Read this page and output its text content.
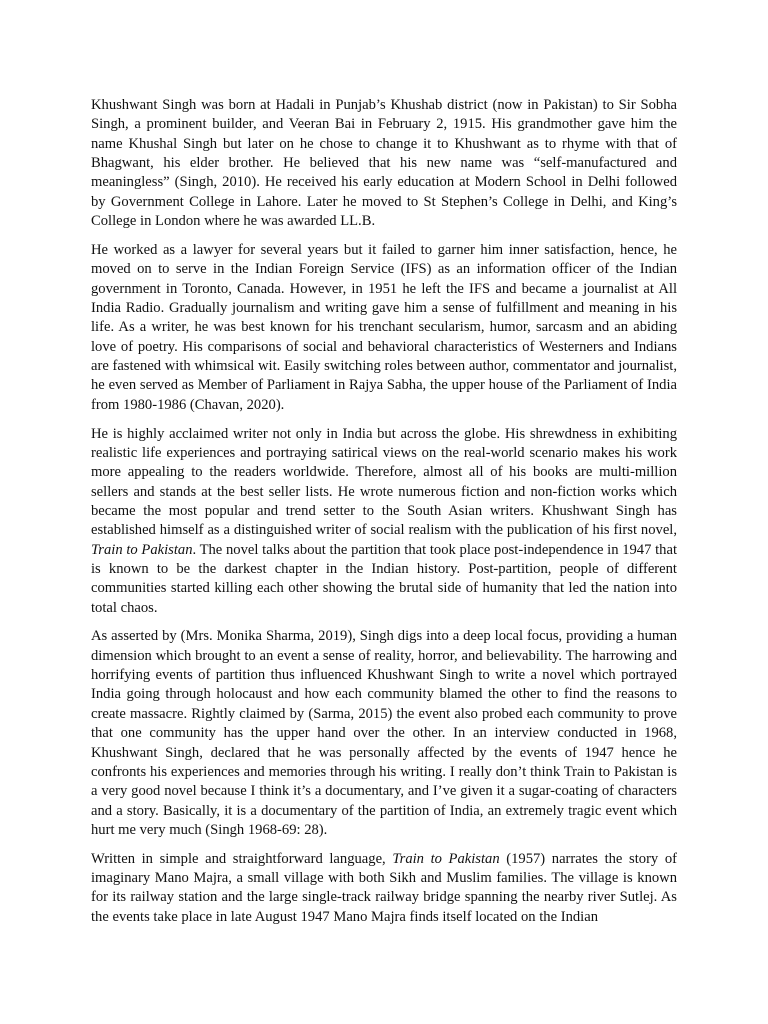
Khushwant Singh was born at Hadali in Punjab’s Khushab district (now in Pakistan) to Sir Sobha Singh, a prominent builder, and Veeran Bai in February 2, 1915. His grandmother gave him the name Khushal Singh but later on he chose to change it to Khushwant as to rhyme with that of Bhagwant, his elder brother. He believed that his new name was “self-manufactured and meaningless” (Singh, 2010). He received his early education at Modern School in Delhi followed by Government College in Lahore. Later he moved to St Stephen’s College in Delhi, and King’s College in London where he was awarded LL.B.

He worked as a lawyer for several years but it failed to garner him inner satisfaction, hence, he moved on to serve in the Indian Foreign Service (IFS) as an information officer of the Indian government in Toronto, Canada. However, in 1951 he left the IFS and became a journalist at All India Radio. Gradually journalism and writing gave him a sense of fulfillment and meaning in his life. As a writer, he was best known for his trenchant secularism, humor, sarcasm and an abiding love of poetry. His comparisons of social and behavioral characteristics of Westerners and Indians are fastened with whimsical wit. Easily switching roles between author, commentator and journalist, he even served as Member of Parliament in Rajya Sabha, the upper house of the Parliament of India from 1980-1986 (Chavan, 2020).

He is highly acclaimed writer not only in India but across the globe. His shrewdness in exhibiting realistic life experiences and portraying satirical views on the real-world scenario makes his work more appealing to the readers worldwide. Therefore, almost all of his books are multi-million sellers and stands at the best seller lists. He wrote numerous fiction and non-fiction works which became the most popular and trend setter to the South Asian writers. Khushwant Singh has established himself as a distinguished writer of social realism with the publication of his first novel, Train to Pakistan. The novel talks about the partition that took place post-independence in 1947 that is known to be the darkest chapter in the Indian history. Post-partition, people of different communities started killing each other showing the brutal side of humanity that led the nation into total chaos.

As asserted by (Mrs. Monika Sharma, 2019), Singh digs into a deep local focus, providing a human dimension which brought to an event a sense of reality, horror, and believability. The harrowing and horrifying events of partition thus influenced Khushwant Singh to write a novel which portrayed India going through holocaust and how each community blamed the other to find the reasons to create massacre. Rightly claimed by (Sarma, 2015) the event also probed each community to prove that one community has the upper hand over the other. In an interview conducted in 1968, Khushwant Singh, declared that he was personally affected by the events of 1947 hence he confronts his experiences and memories through his writing. I really don’t think Train to Pakistan is a very good novel because I think it’s a documentary, and I’ve given it a sugar-coating of characters and a story. Basically, it is a documentary of the partition of India, an extremely tragic event which hurt me very much (Singh 1968-69: 28).

Written in simple and straightforward language, Train to Pakistan (1957) narrates the story of imaginary Mano Majra, a small village with both Sikh and Muslim families. The village is known for its railway station and the large single-track railway bridge spanning the nearby river Sutlej. As the events take place in late August 1947 Mano Majra finds itself located on the Indian
